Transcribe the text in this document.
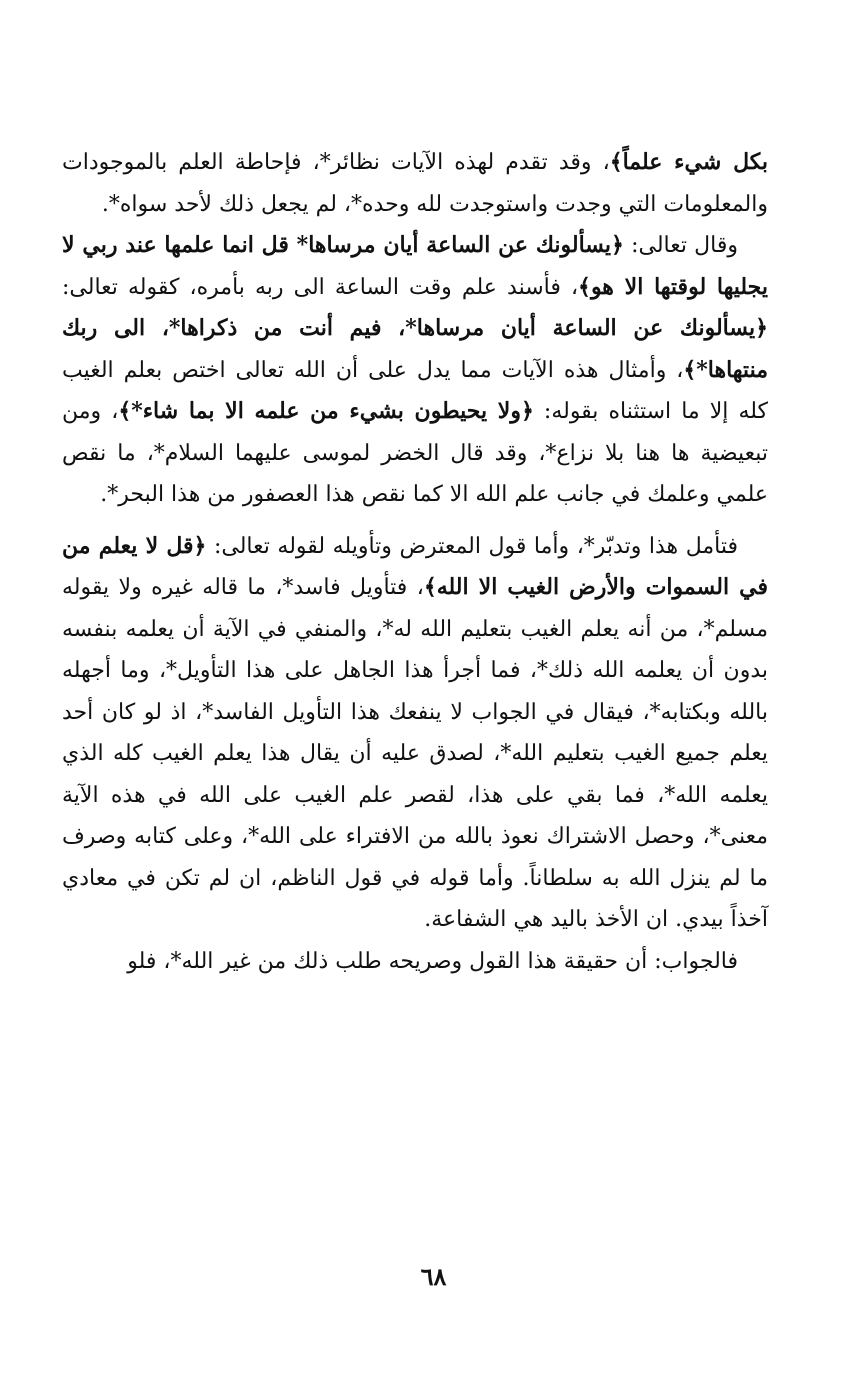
بكل شيء علماً﴾، وقد تقدم لهذه الآيات نظائر*، فإحاطة العلم بالموجودات والمعلومات التي وجدت واستوجدت لله وحده*، لم يجعل ذلك لأحد سواه*.

وقال تعالى: ﴿يسألونك عن الساعة أيان مرساها* قل انما علمها عند ربي لا يجليها لوقتها الا هو﴾، فأسند علم وقت الساعة الى ربه بأمره، كقوله تعالى: ﴿يسألونك عن الساعة أيان مرساها*، فيم أنت من ذكراها*، الى ربك منتهاها*﴾، وأمثال هذه الآيات مما يدل على أن الله تعالى اختص بعلم الغيب كله إلا ما استثناه بقوله: ﴿ولا يحيطون بشيء من علمه الا بما شاء*﴾، ومن تبعيضية ها هنا بلا نزاع*، وقد قال الخضر لموسى عليهما السلام*، ما نقص علمي وعلمك في جانب علم الله الا كما نقص هذا العصفور من هذا البحر*.

فتأمل هذا وتدبّر*، وأما قول المعترض وتأويله لقوله تعالى: ﴿قل لا يعلم من في السموات والأرض الغيب الا الله﴾، فتأويل فاسد*، ما قاله غيره ولا يقوله مسلم*، من أنه يعلم الغيب بتعليم الله له*، والمنفي في الآية أن يعلمه بنفسه بدون أن يعلمه الله ذلك*، فما أجرأ هذا الجاهل على هذا التأويل*، وما أجهله بالله وبكتابه*، فيقال في الجواب لا ينفعك هذا التأويل الفاسد*، اذ لو كان أحد يعلم جميع الغيب بتعليم الله*، لصدق عليه أن يقال هذا يعلم الغيب كله الذي يعلمه الله*، فما بقي على هذا، لقصر علم الغيب على الله في هذه الآية معنى*، وحصل الاشتراك نعوذ بالله من الافتراء على الله*، وعلى كتابه وصرف ما لم ينزل الله به سلطاناً. وأما قوله في قول الناظم، ان لم تكن في معادي آخذاً بيدي. ان الأخذ باليد هي الشفاعة.

فالجواب: أن حقيقة هذا القول وصريحه طلب ذلك من غير الله*، فلو

٦٨
